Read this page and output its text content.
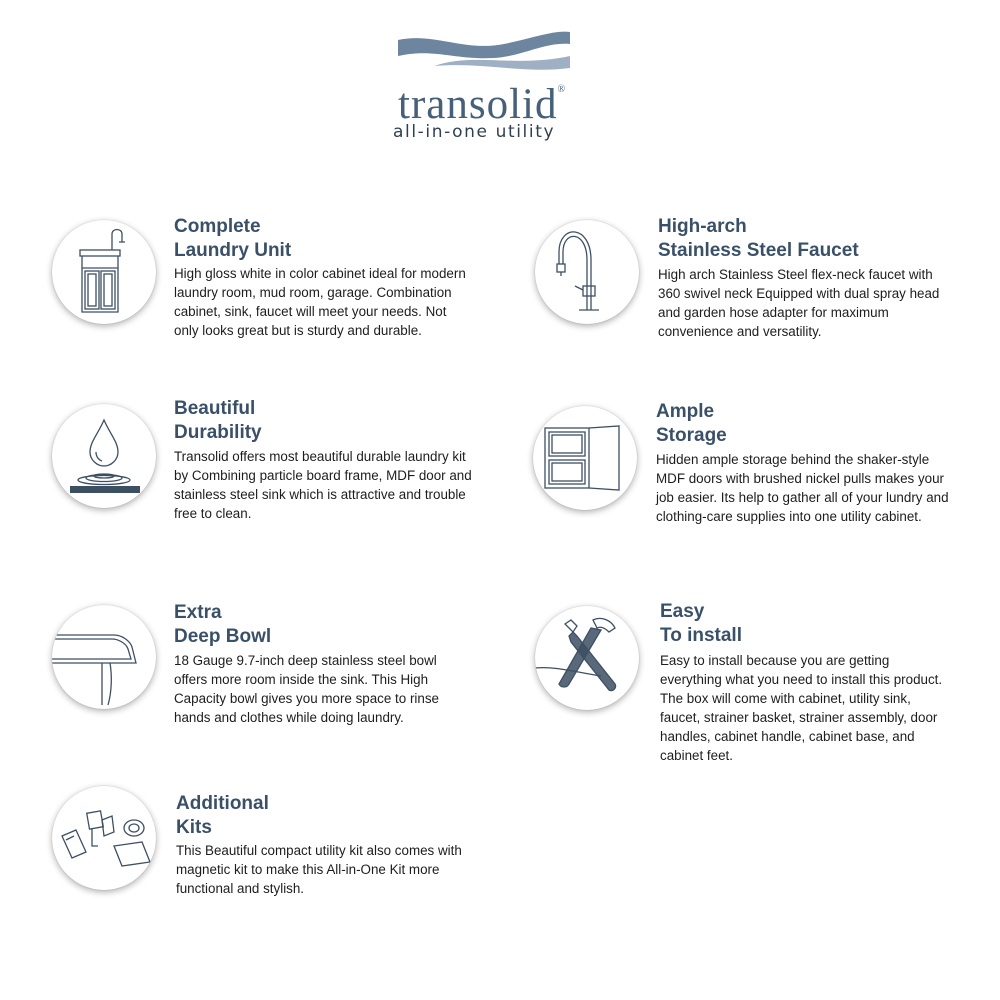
transolid®
all-in-one utility
Complete
Laundry Unit
High gloss white in color cabinet ideal for modern laundry room, mud room, garage. Combination cabinet, sink, faucet will meet your needs. Not only looks great but is sturdy and durable.
High-arch
Stainless Steel Faucet
High arch Stainless Steel flex-neck faucet with 360 swivel neck Equipped with dual spray head and garden hose adapter for maximum convenience and versatility.
Beautiful
Durability
Transolid offers most beautiful durable laundry kit by Combining particle board frame, MDF door and stainless steel sink which is attractive and trouble free to clean.
Ample
Storage
Hidden ample storage behind the shaker-style MDF doors with brushed nickel pulls makes your job easier. Its help to gather all of your lundry and clothing-care supplies into one utility cabinet.
Extra
Deep Bowl
18 Gauge 9.7-inch deep stainless steel bowl offers more room inside the sink. This High Capacity bowl gives you more space to rinse hands and clothes while doing laundry.
Easy
To install
Easy to install because you are getting everything what you need to install this product. The box will come with cabinet, utility sink, faucet, strainer basket, strainer assembly, door handles, cabinet handle, cabinet base, and cabinet feet.
Additional
Kits
This Beautiful compact utility kit also comes with magnetic kit to make this All-in-One Kit more functional and stylish.
